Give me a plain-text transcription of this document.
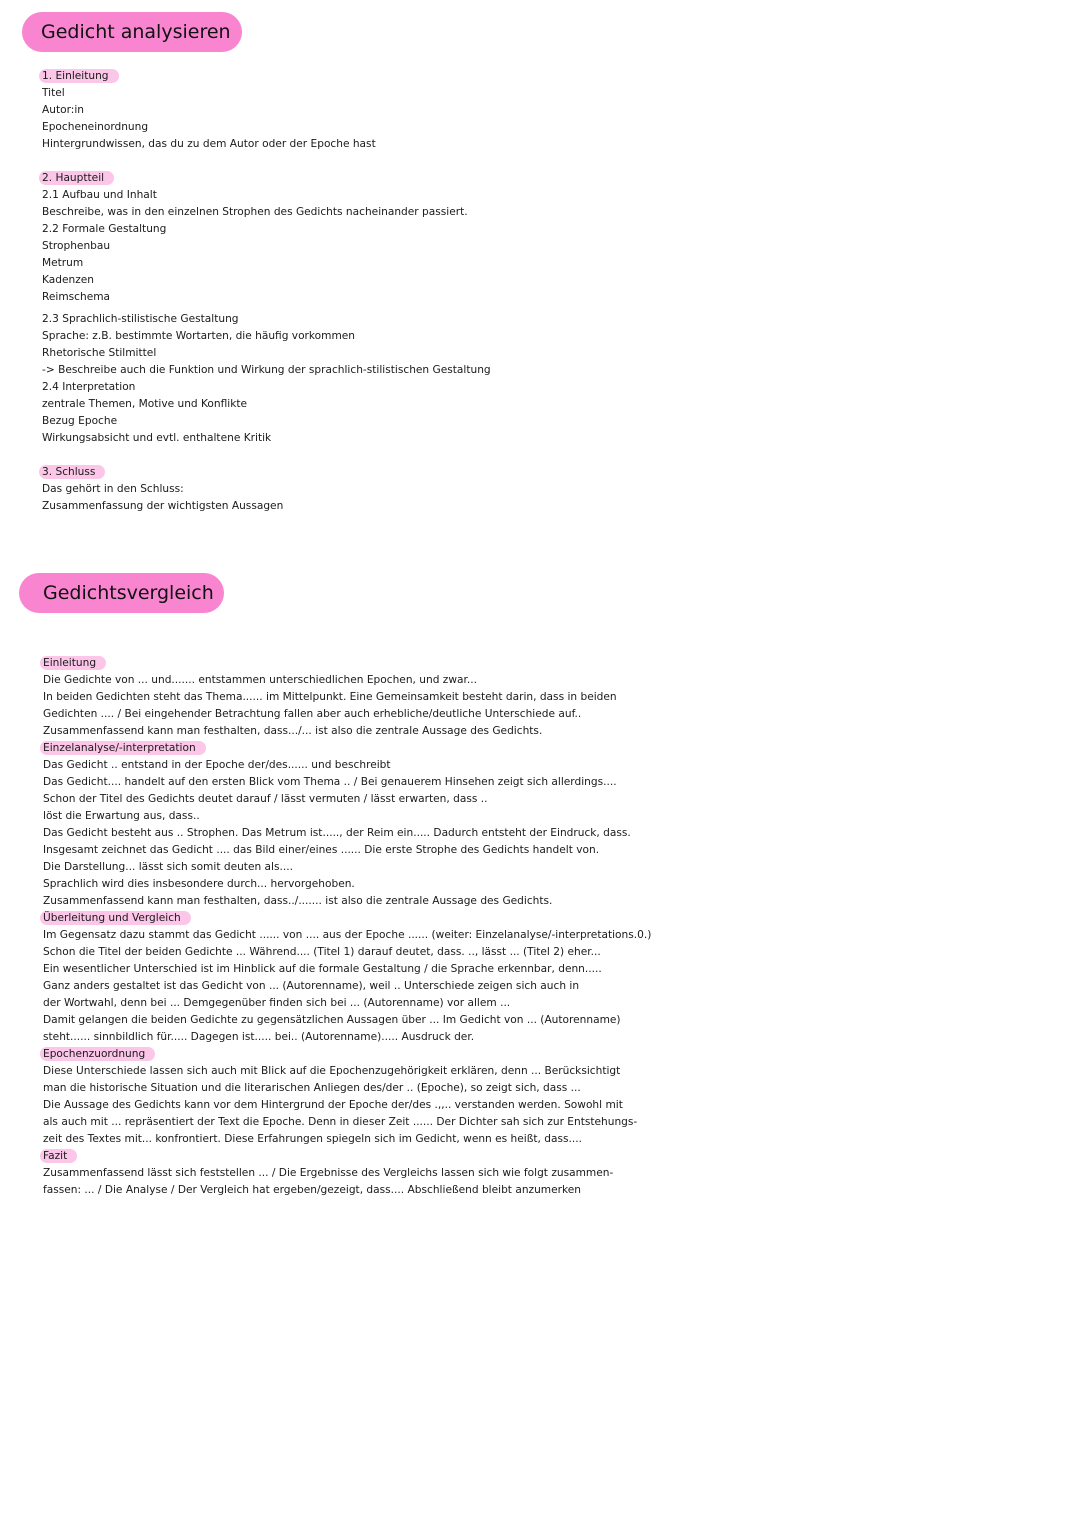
Gedicht analysieren
1. Einleitung
Titel
Autor:in
Epocheneinordnung
Hintergrundwissen, das du zu dem Autor oder der Epoche hast
2. Hauptteil
2.1 Aufbau und Inhalt
Beschreibe, was in den einzelnen Strophen des Gedichts nacheinander passiert.
2.2 Formale Gestaltung
Strophenbau
Metrum
Kadenzen
Reimschema
2.3 Sprachlich-stilistische Gestaltung
Sprache: z.B. bestimmte Wortarten, die häufig vorkommen
Rhetorische Stilmittel
-> Beschreibe auch die Funktion und Wirkung der sprachlich-stilistischen Gestaltung
2.4 Interpretation
zentrale Themen, Motive und Konflikte
Bezug Epoche
Wirkungsabsicht und evtl. enthaltene Kritik
3. Schluss
Das gehört in den Schluss:
Zusammenfassung der wichtigsten Aussagen
Gedichtsvergleich
Einleitung
Die Gedichte von ... und....... entstammen unterschiedlichen Epochen, und zwar...
In beiden Gedichten steht das Thema...... im Mittelpunkt. Eine Gemeinsamkeit besteht darin, dass in beiden
Gedichten .... / Bei eingehender Betrachtung fallen aber auch erhebliche/deutliche Unterschiede auf..
Zusammenfassend kann man festhalten, dass.../... ist also die zentrale Aussage des Gedichts.
Einzelanalyse/-interpretation
Das Gedicht .. entstand in der Epoche der/des...... und beschreibt
Das Gedicht.... handelt auf den ersten Blick vom Thema .. / Bei genauerem Hinsehen zeigt sich allerdings....
Schon der Titel des Gedichts deutet darauf / lässt vermuten / lässt erwarten, dass ..
löst die Erwartung aus, dass..
Das Gedicht besteht aus .. Strophen. Das Metrum ist....., der Reim ein..... Dadurch entsteht der Eindruck, dass.
Insgesamt zeichnet das Gedicht .... das Bild einer/eines ...... Die erste Strophe des Gedichts handelt von.
Die Darstellung... lässt sich somit deuten als....
Sprachlich wird dies insbesondere durch... hervorgehoben.
Zusammenfassend kann man festhalten, dass../....... ist also die zentrale Aussage des Gedichts.
Überleitung und Vergleich
Im Gegensatz dazu stammt das Gedicht ...... von .... aus der Epoche ...... (weiter: Einzelanalyse/-interpretations.0.)
Schon die Titel der beiden Gedichte ... Während.... (Titel 1) darauf deutet, dass. .., lässt ... (Titel 2) eher...
Ein wesentlicher Unterschied ist im Hinblick auf die formale Gestaltung / die Sprache erkennbar, denn.....
Ganz anders gestaltet ist das Gedicht von ... (Autorenname), weil .. Unterschiede zeigen sich auch in
der Wortwahl, denn bei ... Demgegenüber finden sich bei ... (Autorenname) vor allem ...
Damit gelangen die beiden Gedichte zu gegensätzlichen Aussagen über ... Im Gedicht von ... (Autorenname)
steht...... sinnbildlich für..... Dagegen ist..... bei.. (Autorenname)..... Ausdruck der.
Epochenzuordnung
Diese Unterschiede lassen sich auch mit Blick auf die Epochenzugehörigkeit erklären, denn ... Berücksichtigt
man die historische Situation und die literarischen Anliegen des/der .. (Epoche), so zeigt sich, dass ...
Die Aussage des Gedichts kann vor dem Hintergrund der Epoche der/des .,,.. verstanden werden. Sowohl mit
als auch mit ... repräsentiert der Text die Epoche. Denn in dieser Zeit ...... Der Dichter sah sich zur Entstehungs-
zeit des Textes mit... konfrontiert. Diese Erfahrungen spiegeln sich im Gedicht, wenn es heißt, dass....
Fazit
Zusammenfassend lässt sich feststellen ... / Die Ergebnisse des Vergleichs lassen sich wie folgt zusammen-
fassen: ... / Die Analyse / Der Vergleich hat ergeben/gezeigt, dass.... Abschließend bleibt anzumerken
